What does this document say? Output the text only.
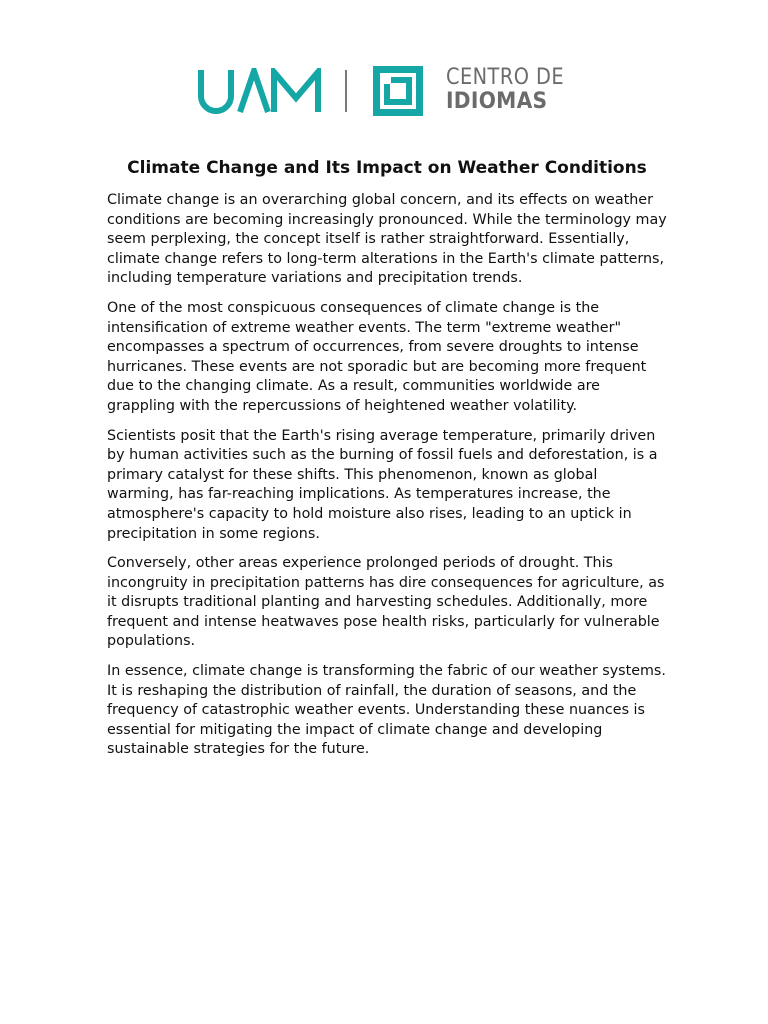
CENTRO DE
IDIOMAS
Climate Change and Its Impact on Weather Conditions

Climate change is an overarching global concern, and its effects on weather conditions are becoming increasingly pronounced. While the terminology may seem perplexing, the concept itself is rather straightforward. Essentially, climate change refers to long-term alterations in the Earth's climate patterns, including temperature variations and precipitation trends.

One of the most conspicuous consequences of climate change is the intensification of extreme weather events. The term "extreme weather" encompasses a spectrum of occurrences, from severe droughts to intense hurricanes. These events are not sporadic but are becoming more frequent due to the changing climate. As a result, communities worldwide are grappling with the repercussions of heightened weather volatility.

Scientists posit that the Earth's rising average temperature, primarily driven by human activities such as the burning of fossil fuels and deforestation, is a primary catalyst for these shifts. This phenomenon, known as global warming, has far-reaching implications. As temperatures increase, the atmosphere's capacity to hold moisture also rises, leading to an uptick in precipitation in some regions.

Conversely, other areas experience prolonged periods of drought. This incongruity in precipitation patterns has dire consequences for agriculture, as it disrupts traditional planting and harvesting schedules. Additionally, more frequent and intense heatwaves pose health risks, particularly for vulnerable populations.

In essence, climate change is transforming the fabric of our weather systems. It is reshaping the distribution of rainfall, the duration of seasons, and the frequency of catastrophic weather events. Understanding these nuances is essential for mitigating the impact of climate change and developing sustainable strategies for the future.
